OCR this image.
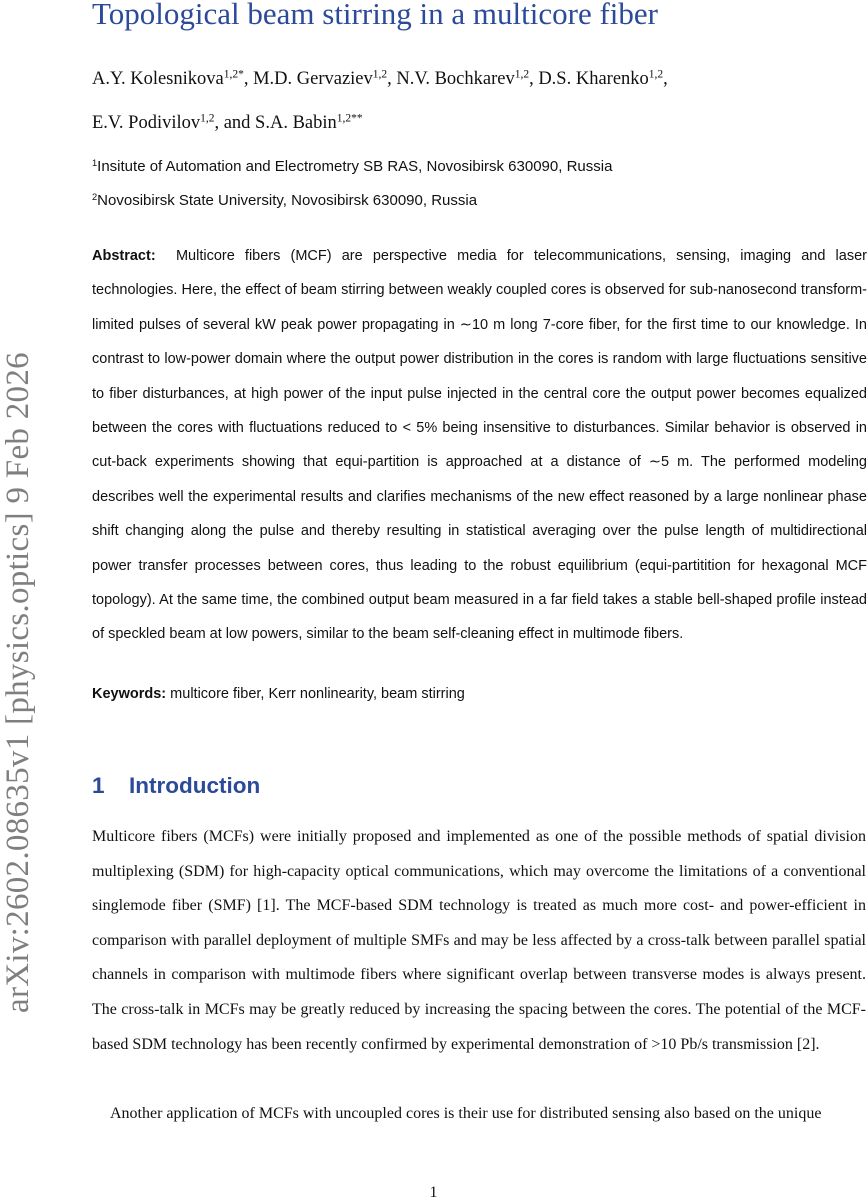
arXiv:2602.08635v1 [physics.optics] 9 Feb 2026
Topological beam stirring in a multicore fiber
A.Y. Kolesnikova$^{1,2*}$, M.D. Gervaziev$^{1,2}$, N.V. Bochkarev$^{1,2}$, D.S. Kharenko$^{1,2}$,
E.V. Podivilov$^{1,2}$, and S.A. Babin$^{1,2**}$
$^1$Insitute of Automation and Electrometry SB RAS, Novosibirsk 630090, Russia
$^2$Novosibirsk State University, Novosibirsk 630090, Russia

Abstract: Multicore fibers (MCF) are perspective media for telecommunications, sensing, imaging and laser technologies. Here, the effect of beam stirring between weakly coupled cores is observed for sub-nanosecond transform-limited pulses of several kW peak power propagating in ∼10 m long 7-core fiber, for the first time to our knowledge. In contrast to low-power domain where the output power distribution in the cores is random with large fluctuations sensitive to fiber disturbances, at high power of the input pulse injected in the central core the output power becomes equalized between the cores with fluctuations reduced to < 5% being insensitive to disturbances. Similar behavior is observed in cut-back experiments showing that equi-partition is approached at a distance of ∼5 m. The performed modeling describes well the experimental results and clarifies mechanisms of the new effect reasoned by a large nonlinear phase shift changing along the pulse and thereby resulting in statistical averaging over the pulse length of multidirectional power transfer processes between cores, thus leading to the robust equilibrium (equi-partitition for hexagonal MCF topology). At the same time, the combined output beam measured in a far field takes a stable bell-shaped profile instead of speckled beam at low powers, similar to the beam self-cleaning effect in multimode fibers.

Keywords: multicore fiber, Kerr nonlinearity, beam stirring
1 Introduction

Multicore fibers (MCFs) were initially proposed and implemented as one of the possible methods of spatial division multiplexing (SDM) for high-capacity optical communications, which may overcome the limitations of a conventional singlemode fiber (SMF) [1]. The MCF-based SDM technology is treated as much more cost- and power-efficient in comparison with parallel deployment of multiple SMFs and may be less affected by a cross-talk between parallel spatial channels in comparison with multimode fibers where significant overlap between transverse modes is always present. The cross-talk in MCFs may be greatly reduced by increasing the spacing between the cores. The potential of the MCF-based SDM technology has been recently confirmed by experimental demonstration of >10 Pb/s transmission [2].

Another application of MCFs with uncoupled cores is their use for distributed sensing also based on the unique

1
